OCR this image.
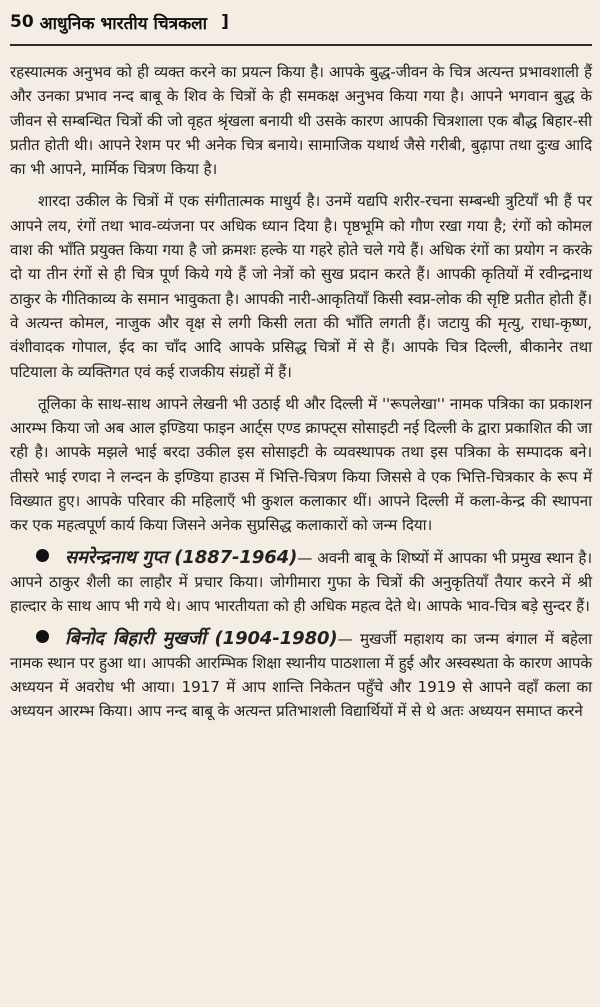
50 आधुनिक भारतीय चित्रकला ]

रहस्यात्मक अनुभव को ही व्यक्त करने का प्रयत्न किया है। आपके बुद्ध-जीवन के चित्र अत्यन्त प्रभावशाली हैं और उनका प्रभाव नन्द बाबू के शिव के चित्रों के ही समकक्ष अनुभव किया गया है। आपने भगवान बुद्ध के जीवन से सम्बन्धित चित्रों की जो वृहत श्रृंखला बनायी थी उसके कारण आपकी चित्रशाला एक बौद्ध बिहार-सी प्रतीत होती थी। आपने रेशम पर भी अनेक चित्र बनाये। सामाजिक यथार्थ जैसे गरीबी, बुढ़ापा तथा दुःख आदि का भी आपने, मार्मिक चित्रण किया है।

शारदा उकील के चित्रों में एक संगीतात्मक माधुर्य है। उनमें यद्यपि शरीर-रचना सम्बन्धी त्रुटियाँ भी हैं पर आपने लय, रंगों तथा भाव-व्यंजना पर अधिक ध्यान दिया है। पृष्ठभूमि को गौण रखा गया है; रंगों को कोमल वाश की भाँति प्रयुक्त किया गया है जो क्रमशः हल्के या गहरे होते चले गये हैं। अधिक रंगों का प्रयोग न करके दो या तीन रंगों से ही चित्र पूर्ण किये गये हैं जो नेत्रों को सुख प्रदान करते हैं। आपकी कृतियों में रवीन्द्रनाथ ठाकुर के गीतिकाव्य के समान भावुकता है। आपकी नारी-आकृतियाँ किसी स्वप्न-लोक की सृष्टि प्रतीत होती हैं। वे अत्यन्त कोमल, नाजुक और वृक्ष से लगी किसी लता की भाँति लगती हैं। जटायु की मृत्यु, राधा-कृष्ण, वंशीवादक गोपाल, ईद का चाँद आदि आपके प्रसिद्ध चित्रों में से हैं। आपके चित्र दिल्ली, बीकानेर तथा पटियाला के व्यक्तिगत एवं कई राजकीय संग्रहों में हैं।

तूलिका के साथ-साथ आपने लेखनी भी उठाई थी और दिल्ली में ''रूपलेखा'' नामक पत्रिका का प्रकाशन आरम्भ किया जो अब आल इण्डिया फाइन आर्ट्स एण्ड क्राफ्ट्स सोसाइटी नई दिल्ली के द्वारा प्रकाशित की जा रही है। आपके मझले भाई बरदा उकील इस सोसाइटी के व्यवस्थापक तथा इस पत्रिका के सम्पादक बने। तीसरे भाई रणदा ने लन्दन के इण्डिया हाउस में भित्ति-चित्रण किया जिससे वे एक भित्ति-चित्रकार के रूप में विख्यात हुए। आपके परिवार की महिलाएँ भी कुशल कलाकार थीं। आपने दिल्ली में कला-केन्द्र की स्थापना कर एक महत्वपूर्ण कार्य किया जिसने अनेक सुप्रसिद्ध कलाकारों को जन्म दिया।

समरेन्द्रनाथ गुप्त (1887-1964)— अवनी बाबू के शिष्यों में आपका भी प्रमुख स्थान है। आपने ठाकुर शैली का लाहौर में प्रचार किया। जोगीमारा गुफा के चित्रों की अनुकृतियाँ तैयार करने में श्री हाल्दार के साथ आप भी गये थे। आप भारतीयता को ही अधिक महत्व देते थे। आपके भाव-चित्र बड़े सुन्दर हैं।

बिनोद बिहारी मुखर्जी (1904-1980)— मुखर्जी महाशय का जन्म बंगाल में बहेला नामक स्थान पर हुआ था। आपकी आरम्भिक शिक्षा स्थानीय पाठशाला में हुई और अस्वस्थता के कारण आपके अध्ययन में अवरोध भी आया। 1917 में आप शान्ति निकेतन पहुँचे और 1919 से आपने वहाँ कला का अध्ययन आरम्भ किया। आप नन्द बाबू के अत्यन्त प्रतिभाशली विद्यार्थियों में से थे अतः अध्ययन समाप्त करने
